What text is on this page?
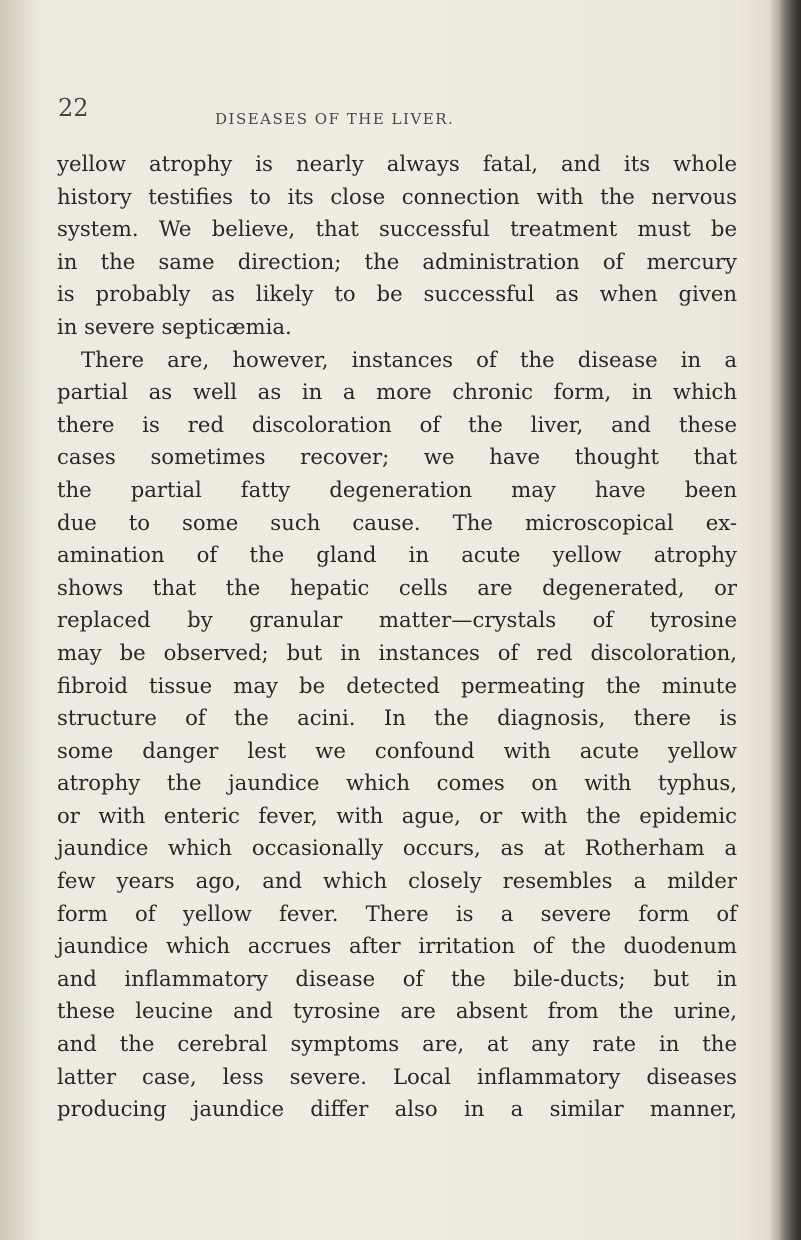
22	DISEASES OF THE LIVER.
yellow atrophy is nearly always fatal, and its whole
history testifies to its close connection with the nervous
system. We believe, that successful treatment must be
in the same direction; the administration of mercury
is probably as likely to be successful as when given
in severe septicæmia.
There are, however, instances of the disease in a
partial as well as in a more chronic form, in which
there is red discoloration of the liver, and these
cases sometimes recover; we have thought that
the partial fatty degeneration may have been
due to some such cause. The microscopical ex-
amination of the gland in acute yellow atrophy
shows that the hepatic cells are degenerated, or
replaced by granular matter—crystals of tyrosine
may be observed; but in instances of red discoloration,
fibroid tissue may be detected permeating the minute
structure of the acini. In the diagnosis, there is
some danger lest we confound with acute yellow
atrophy the jaundice which comes on with typhus,
or with enteric fever, with ague, or with the epidemic
jaundice which occasionally occurs, as at Rotherham a
few years ago, and which closely resembles a milder
form of yellow fever. There is a severe form of
jaundice which accrues after irritation of the duodenum
and inflammatory disease of the bile-ducts; but in
these leucine and tyrosine are absent from the urine,
and the cerebral symptoms are, at any rate in the
latter case, less severe. Local inflammatory diseases
producing jaundice differ also in a similar manner,
